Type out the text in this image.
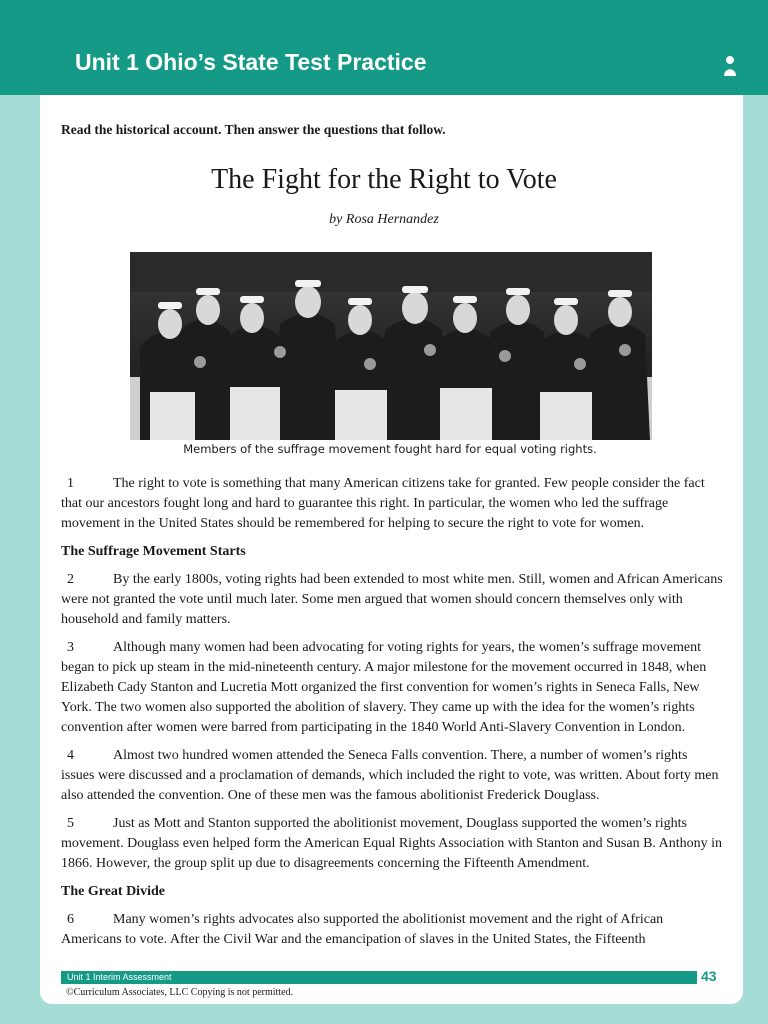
Unit 1 Ohio’s State Test Practice
Read the historical account. Then answer the questions that follow.
The Fight for the Right to Vote
by Rosa Hernandez
Members of the suffrage movement fought hard for equal voting rights.

1	The right to vote is something that many American citizens take for granted. Few people consider the fact that our ancestors fought long and hard to guarantee this right. In particular, the women who led the suffrage movement in the United States should be remembered for helping to secure the right to vote for women.

The Suffrage Movement Starts

2	By the early 1800s, voting rights had been extended to most white men. Still, women and African Americans were not granted the vote until much later. Some men argued that women should concern themselves only with household and family matters.

3	Although many women had been advocating for voting rights for years, the women’s suffrage movement began to pick up steam in the mid-nineteenth century. A major milestone for the movement occurred in 1848, when Elizabeth Cady Stanton and Lucretia Mott organized the first convention for women’s rights in Seneca Falls, New York. The two women also supported the abolition of slavery. They came up with the idea for the women’s rights convention after women were barred from participating in the 1840 World Anti-Slavery Convention in London.

4	Almost two hundred women attended the Seneca Falls convention. There, a number of women’s rights issues were discussed and a proclamation of demands, which included the right to vote, was written. About forty men also attended the convention. One of these men was the famous abolitionist Frederick Douglass.

5	Just as Mott and Stanton supported the abolitionist movement, Douglass supported the women’s rights movement. Douglass even helped form the American Equal Rights Association with Stanton and Susan B. Anthony in 1866. However, the group split up due to disagreements concerning the Fifteenth Amendment.

The Great Divide

6	Many women’s rights advocates also supported the abolitionist movement and the right of African Americans to vote. After the Civil War and the emancipation of slaves in the United States, the Fifteenth

Unit 1 Interim Assessment	43
©Curriculum Associates, LLC Copying is not permitted.
